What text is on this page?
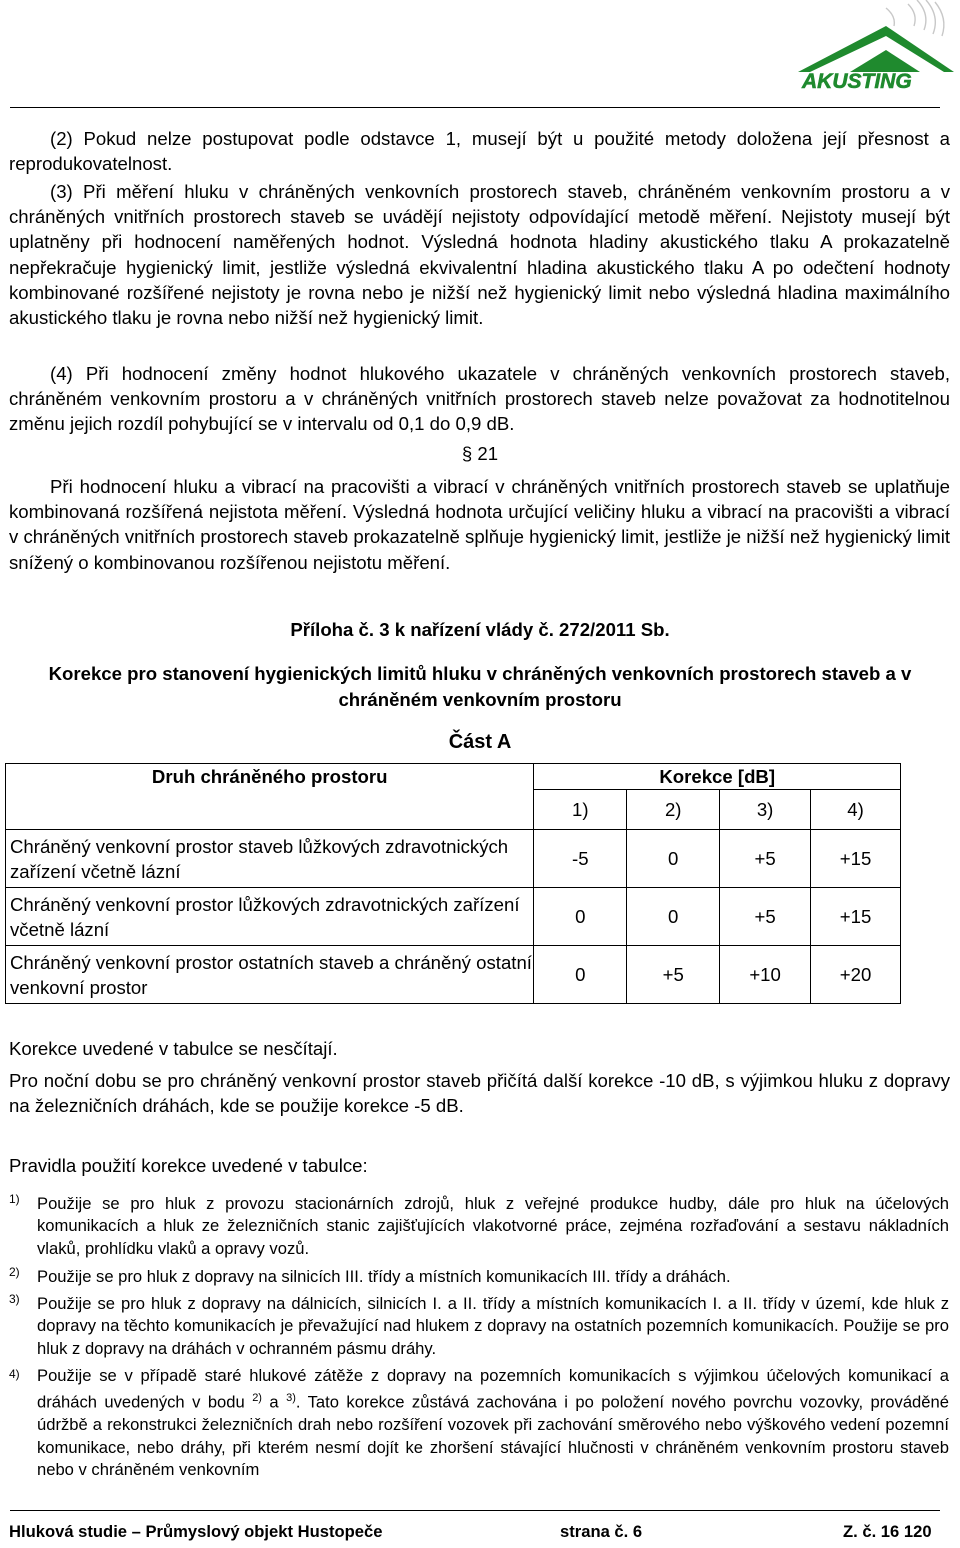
AKUSTING

(2) Pokud nelze postupovat podle odstavce 1, musejí být u použité metody doložena její přesnost a reprodukovatelnost.

(3) Při měření hluku v chráněných venkovních prostorech staveb, chráněném venkovním prostoru a v chráněných vnitřních prostorech staveb se uvádějí nejistoty odpovídající metodě měření. Nejistoty musejí být uplatněny při hodnocení naměřených hodnot. Výsledná hodnota hladiny akustického tlaku A prokazatelně nepřekračuje hygienický limit, jestliže výsledná ekvivalentní hladina akustického tlaku A po odečtení hodnoty kombinované rozšířené nejistoty je rovna nebo je nižší než hygienický limit nebo výsledná hladina maximálního akustického tlaku je rovna nebo nižší než hygienický limit.

(4) Při hodnocení změny hodnot hlukového ukazatele v chráněných venkovních prostorech staveb, chráněném venkovním prostoru a v chráněných vnitřních prostorech staveb nelze považovat za hodnotitelnou změnu jejich rozdíl pohybující se v intervalu od 0,1 do 0,9 dB.

§ 21

Při hodnocení hluku a vibrací na pracovišti a vibrací v chráněných vnitřních prostorech staveb se uplatňuje kombinovaná rozšířená nejistota měření. Výsledná hodnota určující veličiny hluku a vibrací na pracovišti a vibrací v chráněných vnitřních prostorech staveb prokazatelně splňuje hygienický limit, jestliže je nižší než hygienický limit snížený o kombinovanou rozšířenou nejistotu měření.

Příloha č. 3 k nařízení vlády č. 272/2011 Sb.

Korekce pro stanovení hygienických limitů hluku v chráněných venkovních prostorech staveb a v chráněném venkovním prostoru

Část A

Druh chráněného prostoru	Korekce [dB]			
	1)	2)	3)	4)
Chráněný venkovní prostor staveb lůžkových zdravotnických zařízení včetně lázní	-5	0	+5	+15
Chráněný venkovní prostor lůžkových zdravotnických zařízení včetně lázní	0	0	+5	+15
Chráněný venkovní prostor ostatních staveb a chráněný ostatní venkovní prostor	0	+5	+10	+20

Korekce uvedené v tabulce se nesčítají.

Pro noční dobu se pro chráněný venkovní prostor staveb přičítá další korekce -10 dB, s výjimkou hluku z dopravy na železničních dráhách, kde se použije korekce -5 dB.

Pravidla použití korekce uvedené v tabulce:

1) Použije se pro hluk z provozu stacionárních zdrojů, hluk z veřejné produkce hudby, dále pro hluk na účelových komunikacích a hluk ze železničních stanic zajišťujících vlakotvorné práce, zejména rozřaďování a sestavu nákladních vlaků, prohlídku vlaků a opravy vozů.
2) Použije se pro hluk z dopravy na silnicích III. třídy a místních komunikacích III. třídy a dráhách.
3) Použije se pro hluk z dopravy na dálnicích, silnicích I. a II. třídy a místních komunikacích I. a II. třídy v území, kde hluk z dopravy na těchto komunikacích je převažující nad hlukem z dopravy na ostatních pozemních komunikacích. Použije se pro hluk z dopravy na dráhách v ochranném pásmu dráhy.
4) Použije se v případě staré hlukové zátěže z dopravy na pozemních komunikacích s výjimkou účelových komunikací a dráhách uvedených v bodu $^{2)}$ a $^{3)}$. Tato korekce zůstává zachována i po položení nového povrchu vozovky, prováděné údržbě a rekonstrukci železničních drah nebo rozšíření vozovek při zachování směrového nebo výškového vedení pozemní komunikace, nebo dráhy, při kterém nesmí dojít ke zhoršení stávající hlučnosti v chráněném venkovním prostoru staveb nebo v chráněném venkovním
Hluková studie – Průmyslový objekt Hustopeče	strana č. 6	Z. č. 16 120
